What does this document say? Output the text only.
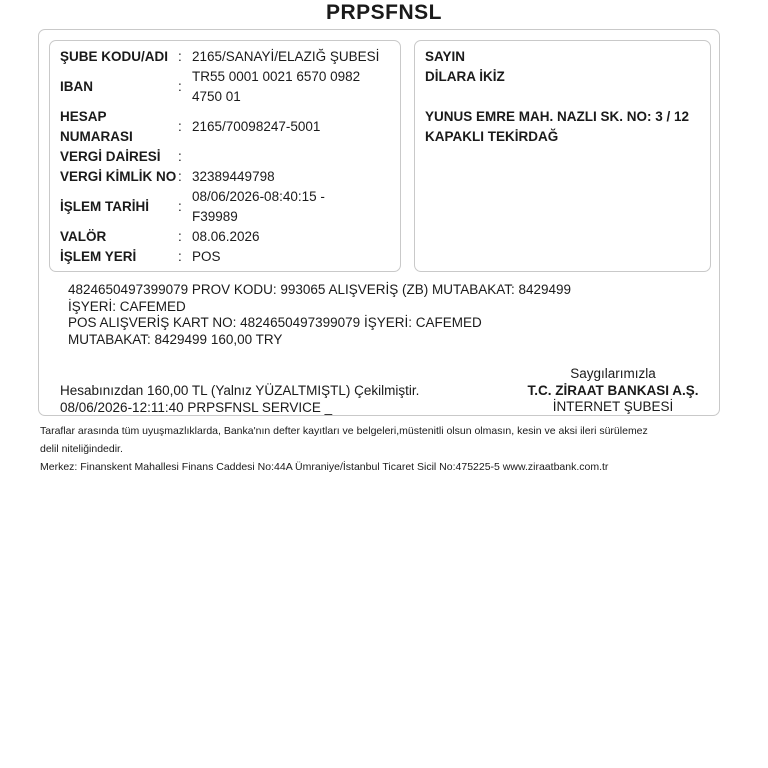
PRPSFNSL
ŞUBE KODU/ADI : 2165/SANAYİ/ELAZIĞ ŞUBESİ
IBAN	:
TR55 0001 0021 6570 0982 4750 01
HESAP NUMARASI
: 2165/70098247-5001
VERGİ DAİRESİ	:
VERGİ KİMLİK NO : 32389449798
İŞLEM TARİHİ	:
08/06/2026-08:40:15 - F39989
VALÖR	: 08.06.2026
İŞLEM YERİ	: POS
SAYIN
DİLARA İKİZ
YUNUS EMRE MAH. NAZLI SK. NO: 3 / 12
KAPAKLI TEKİRDAĞ
4824650497399079 PROV KODU: 993065 ALIŞVERİŞ (ZB) MUTABAKAT: 8429499
İŞYERİ: CAFEMED
POS ALIŞVERİŞ KART NO: 4824650497399079 İŞYERİ: CAFEMED
MUTABAKAT: 8429499 160,00 TRY
Hesabınızdan 160,00 TL (Yalnız YÜZALTMIŞTL) Çekilmiştir.
08/06/2026-12:11:40 PRPSFNSL SERVICE _
Saygılarımızla
T.C. ZİRAAT BANKASI A.Ş.
İNTERNET ŞUBESİ
Taraflar arasında tüm uyuşmazlıklarda, Banka'nın defter kayıtları ve belgeleri,müstenitli olsun olmasın, kesin ve aksi ileri sürülemez
delil niteliğindedir.
Merkez: Finanskent Mahallesi Finans Caddesi No:44A Ümraniye/İstanbul Ticaret Sicil No:475225-5 www.ziraatbank.com.tr
